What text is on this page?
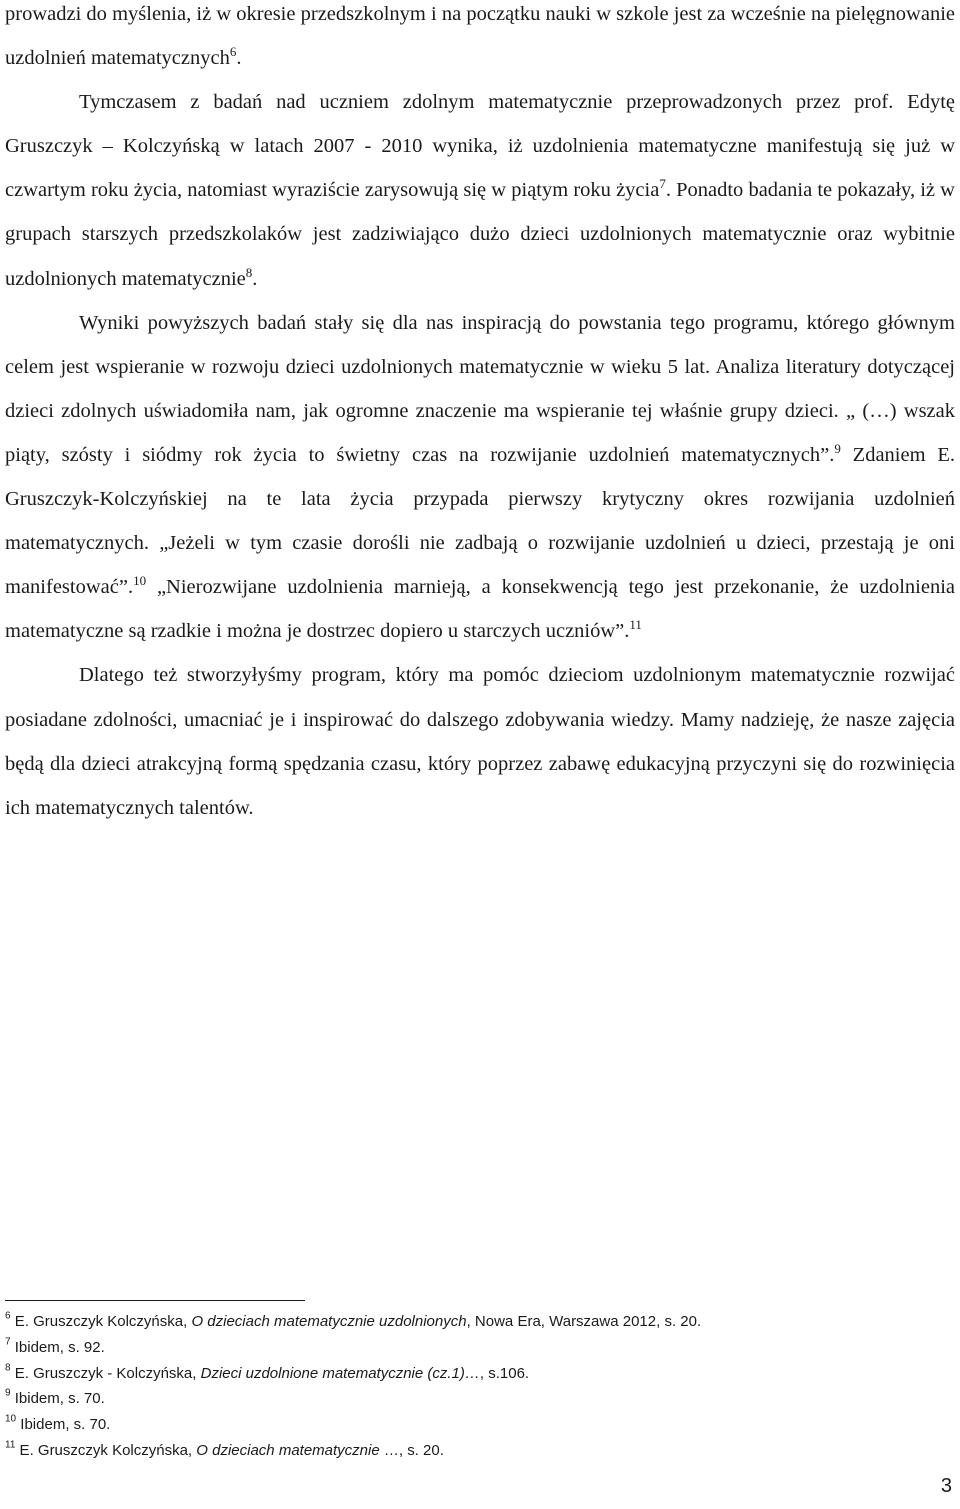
prowadzi do myślenia, iż w okresie przedszkolnym i na początku nauki w szkole jest za wcześnie na pielęgnowanie uzdolnień matematycznych$^6$.

Tymczasem z badań nad uczniem zdolnym matematycznie przeprowadzonych przez prof. Edytę Gruszczyk – Kolczyńską w latach 2007 - 2010 wynika, iż uzdolnienia matematyczne manifestują się już w czwartym roku życia, natomiast wyraziście zarysowują się w piątym roku życia$^7$. Ponadto badania te pokazały, iż w grupach starszych przedszkolaków jest zadziwiająco dużo dzieci uzdolnionych matematycznie oraz wybitnie uzdolnionych matematycznie$^8$.

Wyniki powyższych badań stały się dla nas inspiracją do powstania tego programu, którego głównym celem jest wspieranie w rozwoju dzieci uzdolnionych matematycznie w wieku 5 lat. Analiza literatury dotyczącej dzieci zdolnych uświadomiła nam, jak ogromne znaczenie ma wspieranie tej właśnie grupy dzieci. „ (…) wszak piąty, szósty i siódmy rok życia to świetny czas na rozwijanie uzdolnień matematycznych”.$^9$ Zdaniem E. Gruszczyk-Kolczyńskiej na te lata życia przypada pierwszy krytyczny okres rozwijania uzdolnień matematycznych. „Jeżeli w tym czasie dorośli nie zadbają o rozwijanie uzdolnień u dzieci, przestają je oni manifestować”.$^{10}$ „Nierozwijane uzdolnienia marnieją, a konsekwencją tego jest przekonanie, że uzdolnienia matematyczne są rzadkie i można je dostrzec dopiero u starczych uczniów”.$^{11}$

Dlatego też stworzyłyśmy program, który ma pomóc dzieciom uzdolnionym matematycznie rozwijać posiadane zdolności, umacniać je i inspirować do dalszego zdobywania wiedzy. Mamy nadzieję, że nasze zajęcia będą dla dzieci atrakcyjną formą spędzania czasu, który poprzez zabawę edukacyjną przyczyni się do rozwinięcia ich matematycznych talentów.

$^6$ E. Gruszczyk Kolczyńska, O dzieciach matematycznie uzdolnionych, Nowa Era, Warszawa 2012, s. 20.
$^7$ Ibidem, s. 92.
$^8$ E. Gruszczyk - Kolczyńska, Dzieci uzdolnione matematycznie (cz.1)…, s.106.
$^9$ Ibidem, s. 70.
$^{10}$ Ibidem, s. 70.
$^{11}$ E. Gruszczyk Kolczyńska, O dzieciach matematycznie …, s. 20.
3
